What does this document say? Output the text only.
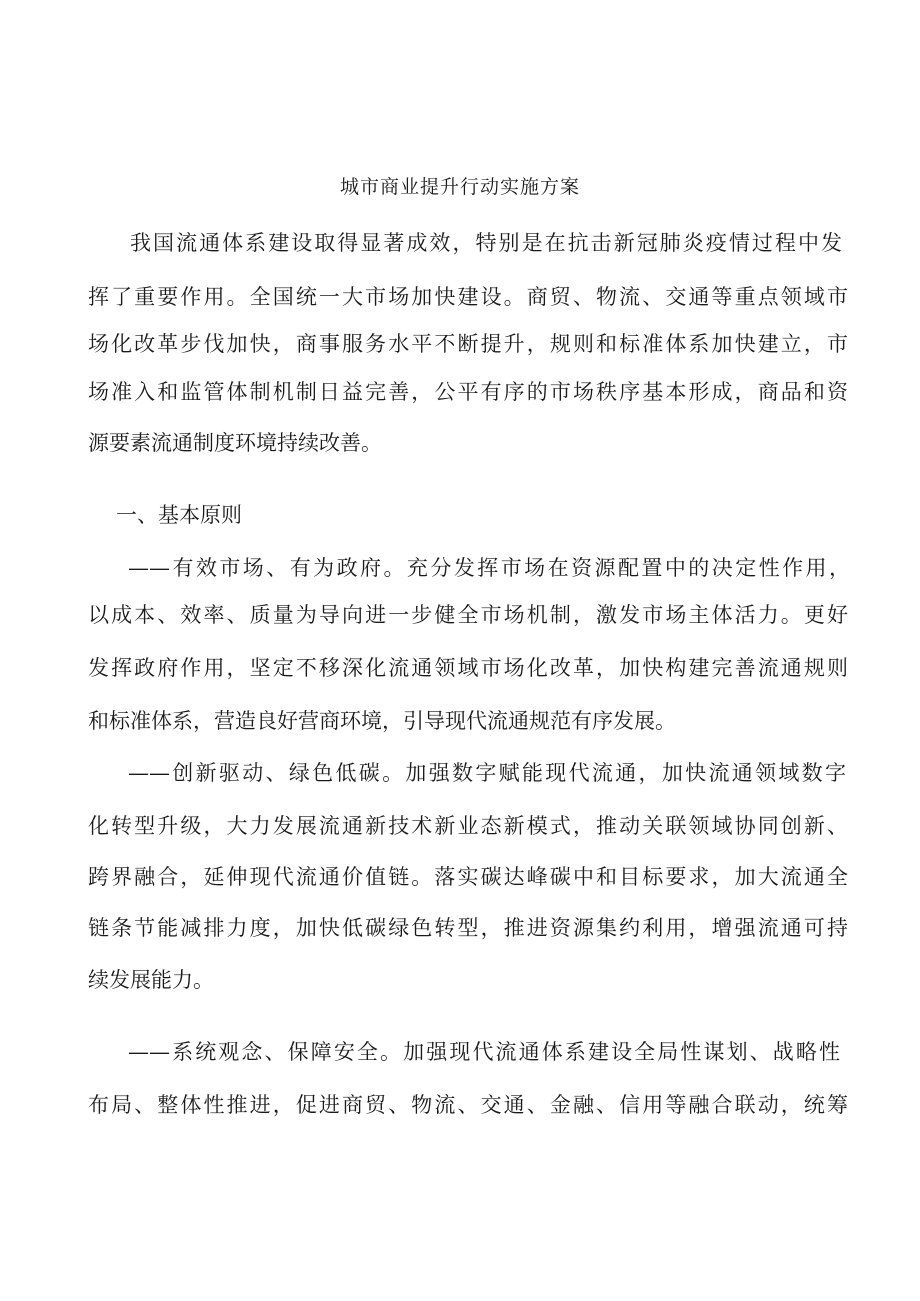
城市商业提升行动实施方案
我国流通体系建设取得显著成效，特别是在抗击新冠肺炎疫情过程中发
挥了重要作用。全国统一大市场加快建设。商贸、物流、交通等重点领域市
场化改革步伐加快，商事服务水平不断提升，规则和标准体系加快建立，市
场准入和监管体制机制日益完善，公平有序的市场秩序基本形成，商品和资
源要素流通制度环境持续改善。
一、基本原则
——有效市场、有为政府。充分发挥市场在资源配置中的决定性作用，
以成本、效率、质量为导向进一步健全市场机制，激发市场主体活力。更好
发挥政府作用，坚定不移深化流通领域市场化改革，加快构建完善流通规则
和标准体系，营造良好营商环境，引导现代流通规范有序发展。
——创新驱动、绿色低碳。加强数字赋能现代流通，加快流通领域数字
化转型升级，大力发展流通新技术新业态新模式，推动关联领域协同创新、
跨界融合，延伸现代流通价值链。落实碳达峰碳中和目标要求，加大流通全
链条节能减排力度，加快低碳绿色转型，推进资源集约利用，增强流通可持
续发展能力。
——系统观念、保障安全。加强现代流通体系建设全局性谋划、战略性
布局、整体性推进，促进商贸、物流、交通、金融、信用等融合联动，统筹
